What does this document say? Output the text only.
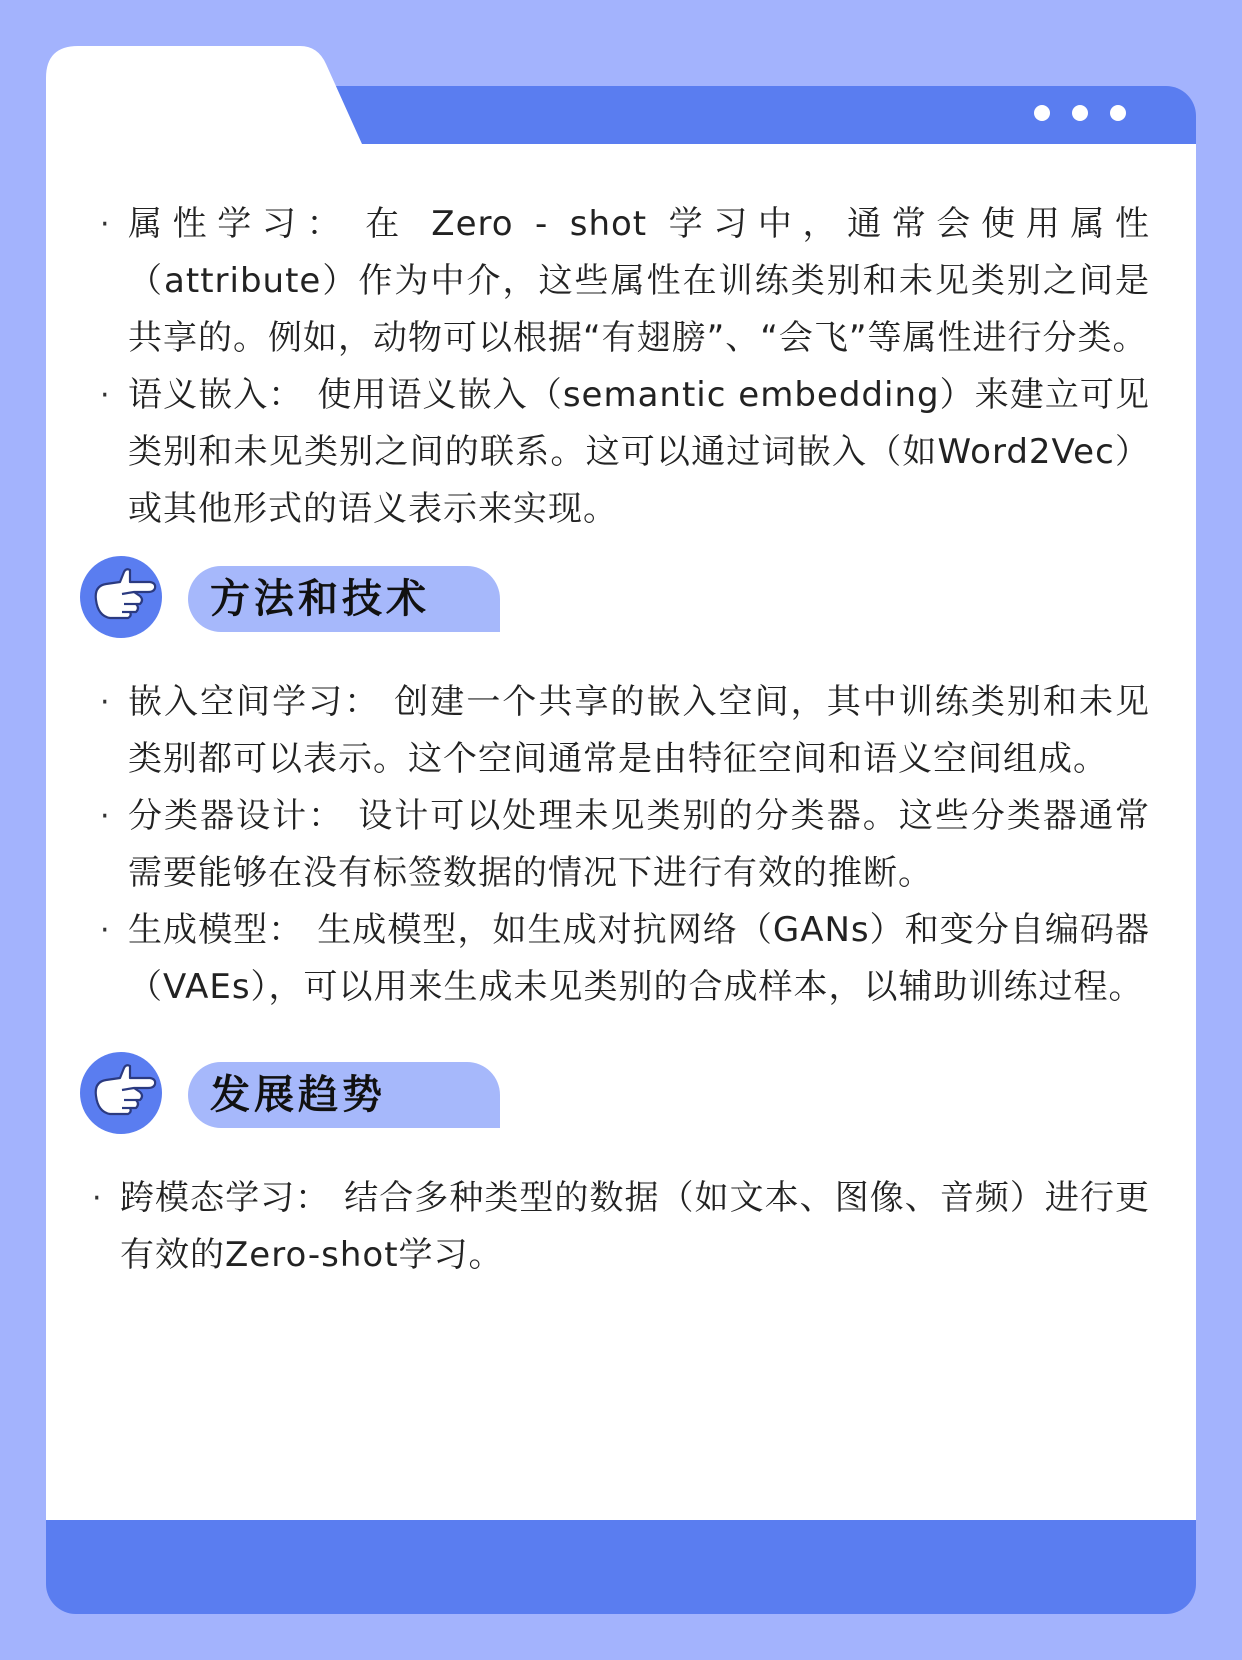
· 属性学习： 在 Zero - shot 学习中，通常会使用属性（attribute）作为中介，这些属性在训练类别和未见类别之间是共享的。例如，动物可以根据“有翅膀”、“会飞”等属性进行分类。
· 语义嵌入： 使用语义嵌入（semantic embedding）来建立可见类别和未见类别之间的联系。这可以通过词嵌入（如Word2Vec）或其他形式的语义表示来实现。
方法和技术
· 嵌入空间学习： 创建一个共享的嵌入空间，其中训练类别和未见类别都可以表示。这个空间通常是由特征空间和语义空间组成。
· 分类器设计： 设计可以处理未见类别的分类器。这些分类器通常需要能够在没有标签数据的情况下进行有效的推断。
· 生成模型： 生成模型，如生成对抗网络（GANs）和变分自编码器（VAEs），可以用来生成未见类别的合成样本，以辅助训练过程。
发展趋势
· 跨模态学习： 结合多种类型的数据（如文本、图像、音频）进行更有效的Zero-shot学习。
